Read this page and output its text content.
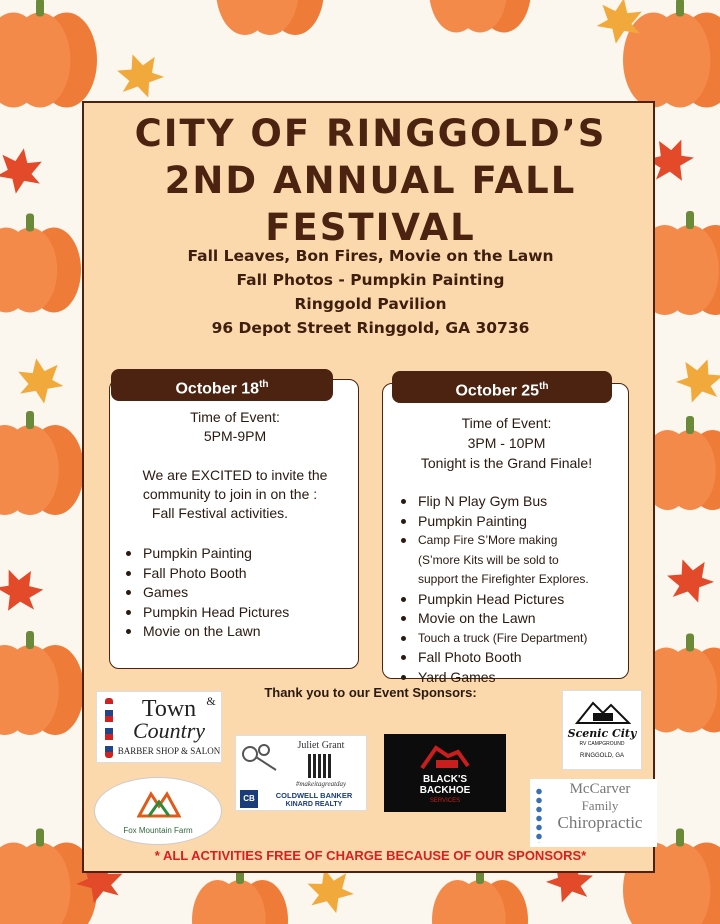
CITY OF RINGGOLD’S
2ND ANNUAL FALL
FESTIVAL
Fall Leaves, Bon Fires, Movie on the Lawn
Fall Photos - Pumpkin Painting
Ringgold Pavilion
96 Depot Street Ringgold, GA 30736
Time of Event:
5PM-9PM
We are EXCITED to invite the
community to join in on the :
Fall Festival activities.
Pumpkin Painting
Fall Photo Booth
Games
Pumpkin Head Pictures
Movie on the Lawn
October 18th
Time of Event:
3PM - 10PM
Tonight is the Grand Finale!
Flip N Play Gym Bus
Pumpkin Painting
Camp Fire S’More making
(S’more Kits will be sold to
support the Firefighter Explores.
Pumpkin Head Pictures
Movie on the Lawn
Touch a truck (Fire Department)
Fall Photo Booth
Yard Games
October 25th
Thank you to our Event Sponsors:
Town &
Country
BARBER SHOP & SALON
Fox Mountain Farm
Juliet Grant
#makeitagreatday
CB	COLDWELL BANKER
KINARD REALTY
BLACK'S
BACKHOE
SERVICES
Scenic City
RV CAMPGROUND
RINGGOLD, GA
McCarver
Family
Chiropractic
* ALL ACTIVITIES FREE OF CHARGE BECAUSE OF OUR SPONSORS*
